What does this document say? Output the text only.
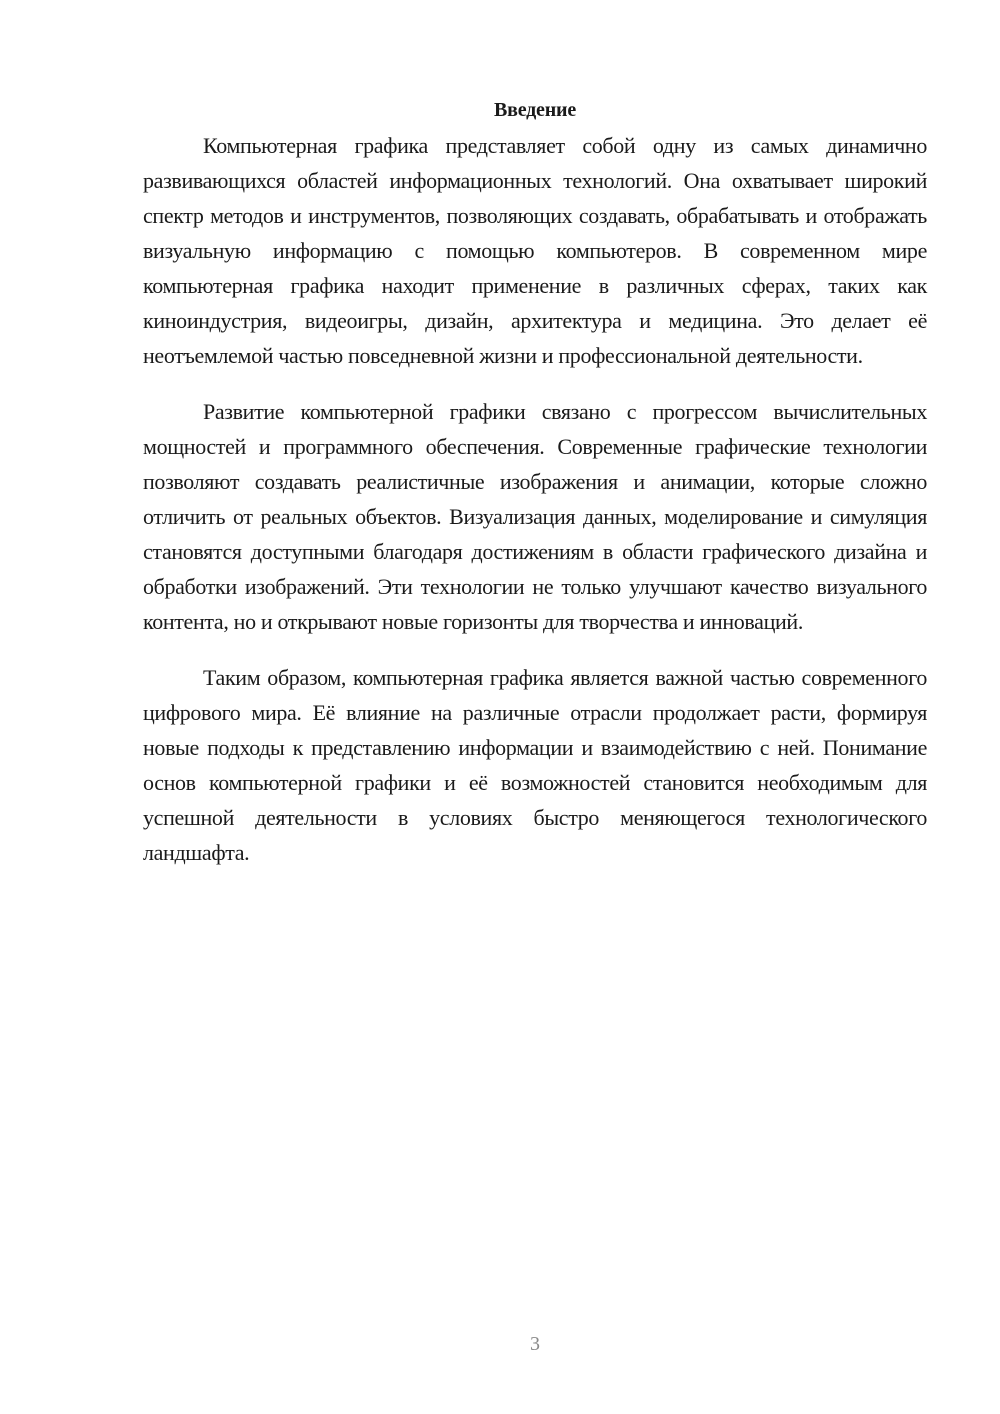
Введение

Компьютерная графика представляет собой одну из самых динамично развивающихся областей информационных технологий. Она охватывает широкий спектр методов и инструментов, позволяющих создавать, обрабатывать и отображать визуальную информацию с помощью компьютеров. В современном мире компьютерная графика находит применение в различных сферах, таких как киноиндустрия, видеоигры, дизайн, архитектура и медицина. Это делает её неотъемлемой частью повседневной жизни и профессиональной деятельности.

Развитие компьютерной графики связано с прогрессом вычислительных мощностей и программного обеспечения. Современные графические технологии позволяют создавать реалистичные изображения и анимации, которые сложно отличить от реальных объектов. Визуализация данных, моделирование и симуляция становятся доступными благодаря достижениям в области графического дизайна и обработки изображений. Эти технологии не только улучшают качество визуального контента, но и открывают новые горизонты для творчества и инноваций.

Таким образом, компьютерная графика является важной частью современного цифрового мира. Её влияние на различные отрасли продолжает расти, формируя новые подходы к представлению информации и взаимодействию с ней. Понимание основ компьютерной графики и её возможностей становится необходимым для успешной деятельности в условиях быстро меняющегося технологического ландшафта.

3
